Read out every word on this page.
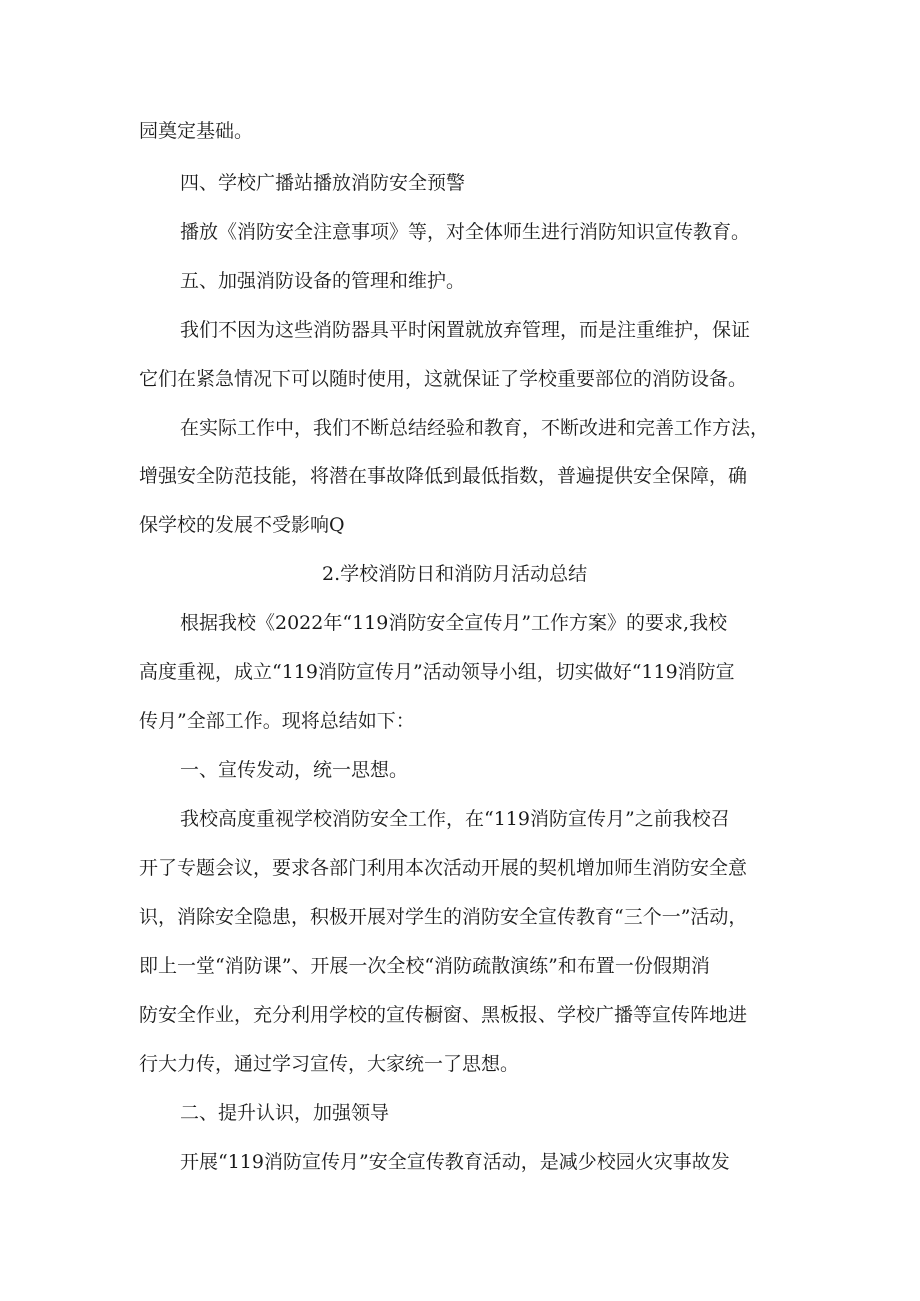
园奠定基础。

四、学校广播站播放消防安全预警

播放《消防安全注意事项》等，对全体师生进行消防知识宣传教育。

五、加强消防设备的管理和维护。

我们不因为这些消防器具平时闲置就放弃管理，而是注重维护，保证

它们在紧急情况下可以随时使用，这就保证了学校重要部位的消防设备。

在实际工作中，我们不断总结经验和教育，不断改进和完善工作方法，

增强安全防范技能，将潜在事故降低到最低指数，普遍提供安全保障，确

保学校的发展不受影响Q

2.学校消防日和消防月活动总结

根据我校《2022年“119消防安全宣传月”工作方案》的要求,我校

高度重视，成立“119消防宣传月”活动领导小组，切实做好“119消防宣

传月”全部工作。现将总结如下：

一、宣传发动，统一思想。

我校高度重视学校消防安全工作，在“119消防宣传月”之前我校召

开了专题会议，要求各部门利用本次活动开展的契机增加师生消防安全意

识，消除安全隐患，积极开展对学生的消防安全宣传教育“三个一”活动，

即上一堂“消防课”、开展一次全校“消防疏散演练”和布置一份假期消

防安全作业，充分利用学校的宣传橱窗、黑板报、学校广播等宣传阵地进

行大力传，通过学习宣传，大家统一了思想。

二、提升认识，加强领导

开展“119消防宣传月”安全宣传教育活动，是减少校园火灾事故发
